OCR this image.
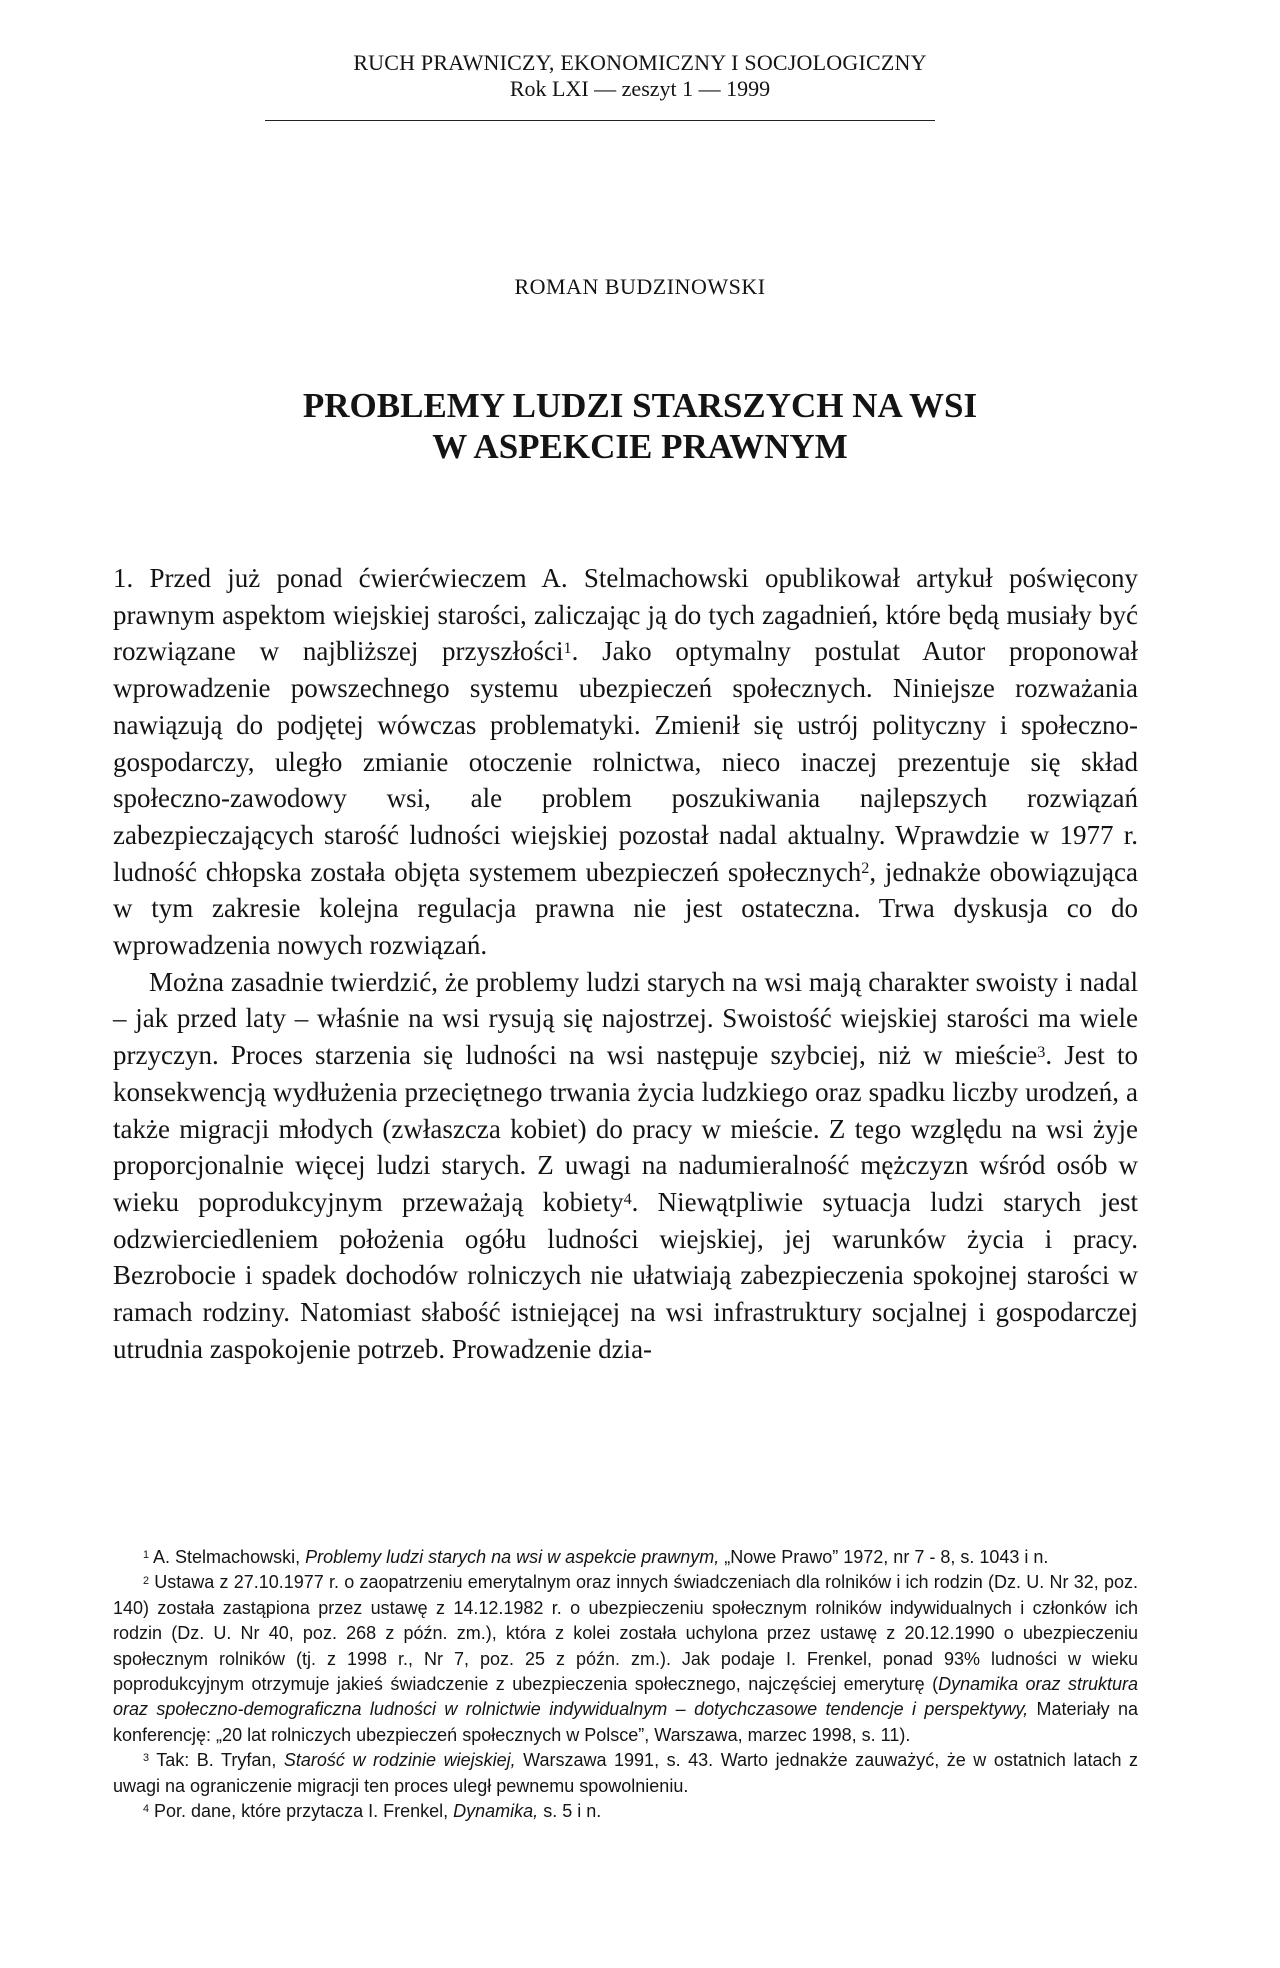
RUCH PRAWNICZY, EKONOMICZNY I SOCJOLOGICZNY
Rok LXI — zeszyt 1 — 1999
ROMAN BUDZINOWSKI
PROBLEMY LUDZI STARSZYCH NA WSI
W ASPEKCIE PRAWNYM

1. Przed już ponad ćwierćwieczem A. Stelmachowski opublikował artykuł poświęcony prawnym aspektom wiejskiej starości, zaliczając ją do tych zagadnień, które będą musiały być rozwiązane w najbliższej przyszłości$^1$. Jako optymalny postulat Autor proponował wprowadzenie powszechnego systemu ubezpieczeń społecznych. Niniejsze rozważania nawiązują do podjętej wówczas problematyki. Zmienił się ustrój polityczny i społeczno-gospodarczy, uległo zmianie otoczenie rolnictwa, nieco inaczej prezentuje się skład społeczno-zawodowy wsi, ale problem poszukiwania najlepszych rozwiązań zabezpieczających starość ludności wiejskiej pozostał nadal aktualny. Wprawdzie w 1977 r. ludność chłopska została objęta systemem ubezpieczeń społecznych$^2$, jednakże obowiązująca w tym zakresie kolejna regulacja prawna nie jest ostateczna. Trwa dyskusja co do wprowadzenia nowych rozwiązań.

Można zasadnie twierdzić, że problemy ludzi starych na wsi mają charakter swoisty i nadal – jak przed laty – właśnie na wsi rysują się najostrzej. Swoistość wiejskiej starości ma wiele przyczyn. Proces starzenia się ludności na wsi następuje szybciej, niż w mieście$^3$. Jest to konsekwencją wydłużenia przeciętnego trwania życia ludzkiego oraz spadku liczby urodzeń, a także migracji młodych (zwłaszcza kobiet) do pracy w mieście. Z tego względu na wsi żyje proporcjonalnie więcej ludzi starych. Z uwagi na nadumieralność mężczyzn wśród osób w wieku poprodukcyjnym przeważają kobiety$^4$. Niewątpliwie sytuacja ludzi starych jest odzwierciedleniem położenia ogółu ludności wiejskiej, jej warunków życia i pracy. Bezrobocie i spadek dochodów rolniczych nie ułatwiają zabezpieczenia spokojnej starości w ramach rodziny. Natomiast słabość istniejącej na wsi infrastruktury socjalnej i gospodarczej utrudnia zaspokojenie potrzeb. Prowadzenie dzia-

$^1$ A. Stelmachowski, Problemy ludzi starych na wsi w aspekcie prawnym, „Nowe Prawo” 1972, nr 7 - 8, s. 1043 i n.

$^2$ Ustawa z 27.10.1977 r. o zaopatrzeniu emerytalnym oraz innych świadczeniach dla rolników i ich rodzin (Dz. U. Nr 32, poz. 140) została zastąpiona przez ustawę z 14.12.1982 r. o ubezpieczeniu społecznym rolników indywidualnych i członków ich rodzin (Dz. U. Nr 40, poz. 268 z późn. zm.), która z kolei została uchylona przez ustawę z 20.12.1990 o ubezpieczeniu społecznym rolników (tj. z 1998 r., Nr 7, poz. 25 z późn. zm.). Jak podaje I. Frenkel, ponad 93% ludności w wieku poprodukcyjnym otrzymuje jakieś świadczenie z ubezpieczenia społecznego, najczęściej emeryturę (Dynamika oraz struktura oraz społeczno-demograficzna ludności w rolnictwie indywidualnym – dotychczasowe tendencje i perspektywy, Materiały na konferencję: „20 lat rolniczych ubezpieczeń społecznych w Polsce”, Warszawa, marzec 1998, s. 11).

$^3$ Tak: B. Tryfan, Starość w rodzinie wiejskiej, Warszawa 1991, s. 43. Warto jednakże zauważyć, że w ostatnich latach z uwagi na ograniczenie migracji ten proces uległ pewnemu spowolnieniu.

$^4$ Por. dane, które przytacza I. Frenkel, Dynamika, s. 5 i n.
